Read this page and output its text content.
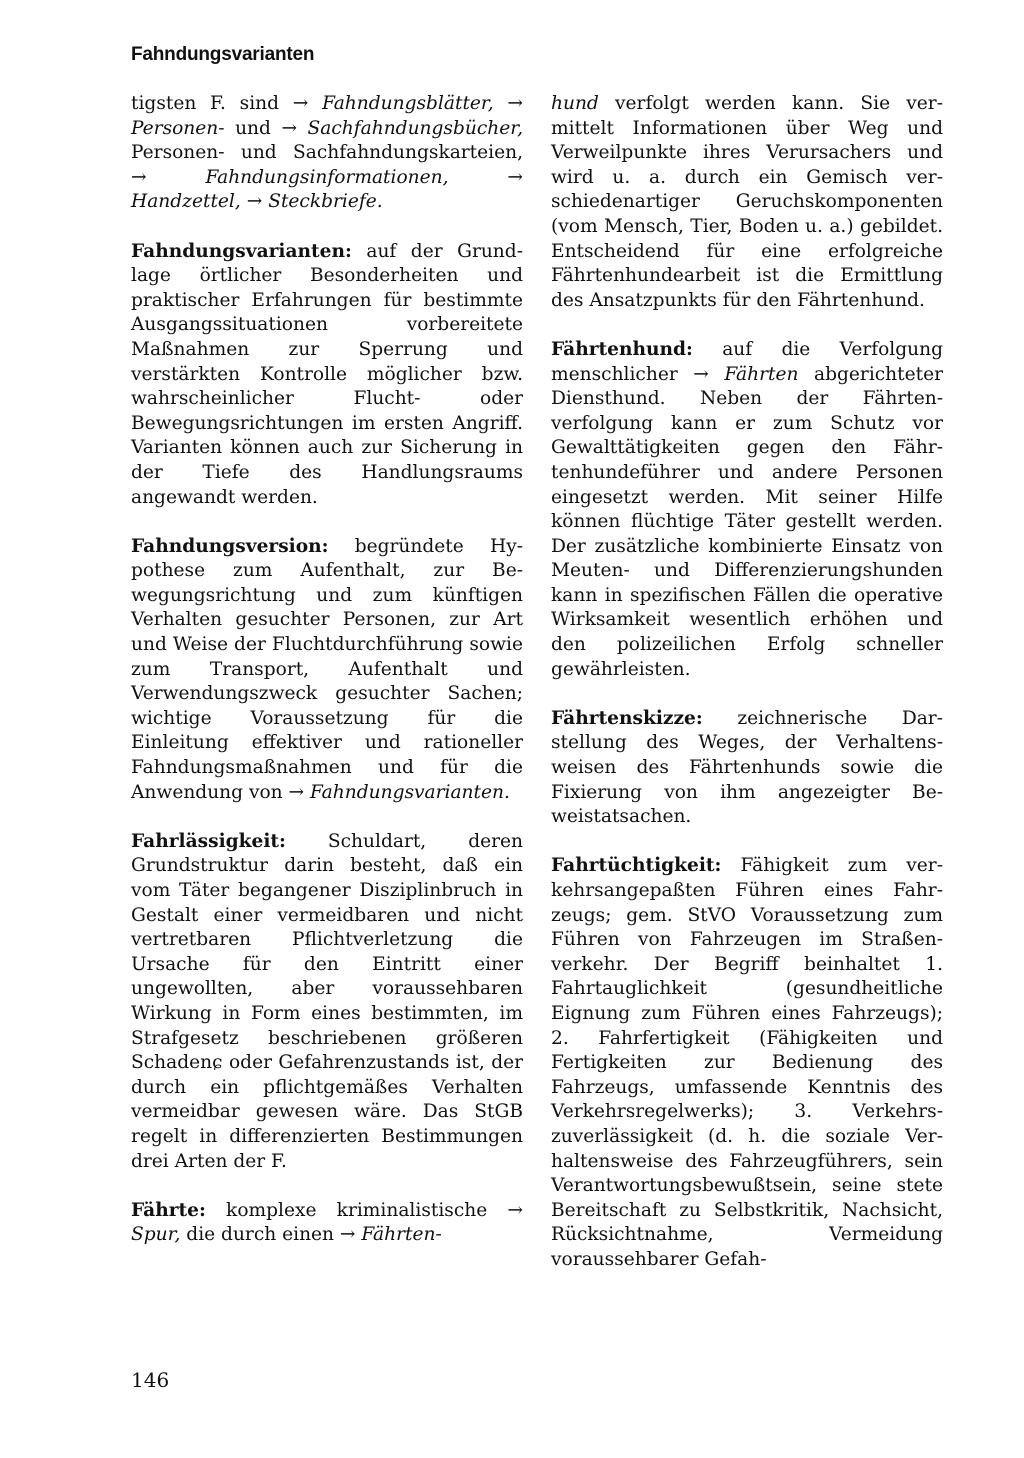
Fahndungsvarianten

tigsten F. sind → Fahndungsblätter, → Personen- und → Sachfahndungsbücher, Personen- und Sachfahndungskarteien, → Fahndungsinformationen, → Handzettel, → Steckbriefe.

Fahndungsvarianten: auf der Grundlage örtlicher Besonderheiten und praktischer Erfahrungen für bestimmte Ausgangssituationen vorbereitete Maßnahmen zur Sperrung und verstärkten Kontrolle möglicher bzw. wahrscheinlicher Flucht- oder Bewegungsrichtungen im ersten Angriff. Varianten können auch zur Sicherung in der Tiefe des Handlungsraums angewandt werden.

Fahndungsversion: begründete Hypothese zum Aufenthalt, zur Bewegungsrichtung und zum künftigen Verhalten gesuchter Personen, zur Art und Weise der Fluchtdurchführung sowie zum Transport, Aufenthalt und Verwendungszweck gesuchter Sachen; wichtige Voraussetzung für die Einleitung effektiver und rationeller Fahndungsmaßnahmen und für die Anwendung von → Fahndungsvarianten.

Fahrlässigkeit: Schuldart, deren Grundstruktur darin besteht, daß ein vom Täter begangener Disziplinbruch in Gestalt einer vermeidbaren und nicht vertretbaren Pflichtverletzung die Ursache für den Eintritt einer ungewollten, aber voraussehbaren Wirkung in Form eines bestimmten, im Strafgesetz beschriebenen größeren Schadenɕ oder Gefahrenzustands ist, der durch ein pflichtgemäßes Verhalten vermeidbar gewesen wäre. Das StGB regelt in differenzierten Bestimmungen drei Arten der F.

Fährte: komplexe kriminalistische → Spur, die durch einen → Fährten-

hund verfolgt werden kann. Sie vermittelt Informationen über Weg und Verweilpunkte ihres Verursachers und wird u. a. durch ein Gemisch verschiedenartiger Geruchskomponenten (vom Mensch, Tier, Boden u. a.) gebildet. Entscheidend für eine erfolgreiche Fährtenhundearbeit ist die Ermittlung des Ansatzpunkts für den Fährtenhund.

Fährtenhund: auf die Verfolgung menschlicher → Fährten abgerichteter Diensthund. Neben der Fährtenverfolgung kann er zum Schutz vor Gewalttätigkeiten gegen den Fährtenhundeführer und andere Personen eingesetzt werden. Mit seiner Hilfe können flüchtige Täter gestellt werden. Der zusätzliche kombinierte Einsatz von Meuten- und Differenzierungshunden kann in spezifischen Fällen die operative Wirksamkeit wesentlich erhöhen und den polizeilichen Erfolg schneller gewährleisten.

Fährtenskizze: zeichnerische Darstellung des Weges, der Verhaltensweisen des Fährtenhunds sowie die Fixierung von ihm angezeigter Beweistatsachen.

Fahrtüchtigkeit: Fähigkeit zum verkehrsangepaßten Führen eines Fahrzeugs; gem. StVO Voraussetzung zum Führen von Fahrzeugen im Straßenverkehr. Der Begriff beinhaltet 1. Fahrtauglichkeit (gesundheitliche Eignung zum Führen eines Fahrzeugs); 2. Fahrfertigkeit (Fähigkeiten und Fertigkeiten zur Bedienung des Fahrzeugs, umfassende Kenntnis des Verkehrsregelwerks); 3. Verkehrszuverlässigkeit (d. h. die soziale Verhaltensweise des Fahrzeugführers, sein Verantwortungsbewußtsein, seine stete Bereitschaft zu Selbstkritik, Nachsicht, Rücksichtnahme, Vermeidung voraussehbarer Gefah-

146
